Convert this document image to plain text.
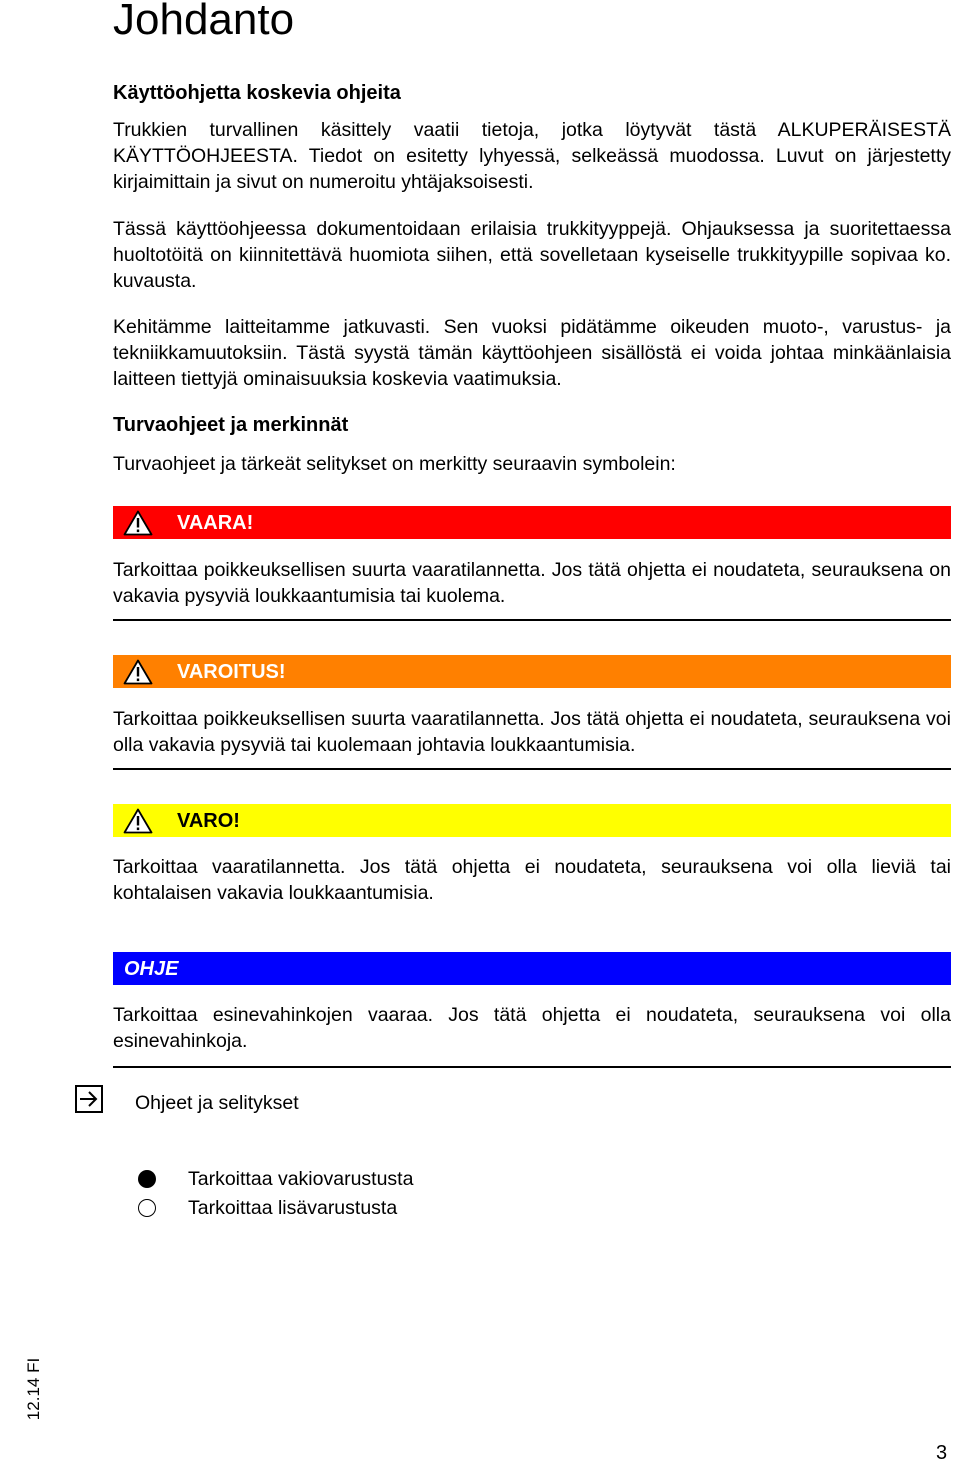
Johdanto
Käyttöohjetta koskevia ohjeita

Trukkien turvallinen käsittely vaatii tietoja, jotka löytyvät tästä ALKUPERÄISESTÄ KÄYTTÖOHJEESTA. Tiedot on esitetty lyhyessä, selkeässä muodossa. Luvut on järjestetty kirjaimittain ja sivut on numeroitu yhtäjaksoisesti.

Tässä käyttöohjeessa dokumentoidaan erilaisia trukkityyppejä. Ohjauksessa ja suoritettaessa huoltotöitä on kiinnitettävä huomiota siihen, että sovelletaan kyseiselle trukkityypille sopivaa ko. kuvausta.

Kehitämme laitteitamme jatkuvasti. Sen vuoksi pidätämme oikeuden muoto-, varustus- ja tekniikkamuutoksiin. Tästä syystä tämän käyttöohjeen sisällöstä ei voida johtaa minkäänlaisia laitteen tiettyjä ominaisuuksia koskevia vaatimuksia.

Turvaohjeet ja merkinnät

Turvaohjeet ja tärkeät selitykset on merkitty seuraavin symbolein:

VAARA!

Tarkoittaa poikkeuksellisen suurta vaaratilannetta. Jos tätä ohjetta ei noudateta, seurauksena on vakavia pysyviä loukkaantumisia tai kuolema.

VAROITUS!

Tarkoittaa poikkeuksellisen suurta vaaratilannetta. Jos tätä ohjetta ei noudateta, seurauksena voi olla vakavia pysyviä tai kuolemaan johtavia loukkaantumisia.

VARO!

Tarkoittaa vaaratilannetta. Jos tätä ohjetta ei noudateta, seurauksena voi olla lieviä tai kohtalaisen vakavia loukkaantumisia.

OHJE

Tarkoittaa esinevahinkojen vaaraa. Jos tätä ohjetta ei noudateta, seurauksena voi olla esinevahinkoja.

Ohjeet ja selitykset
Tarkoittaa vakiovarustusta
Tarkoittaa lisävarustusta
12.14 FI
3
